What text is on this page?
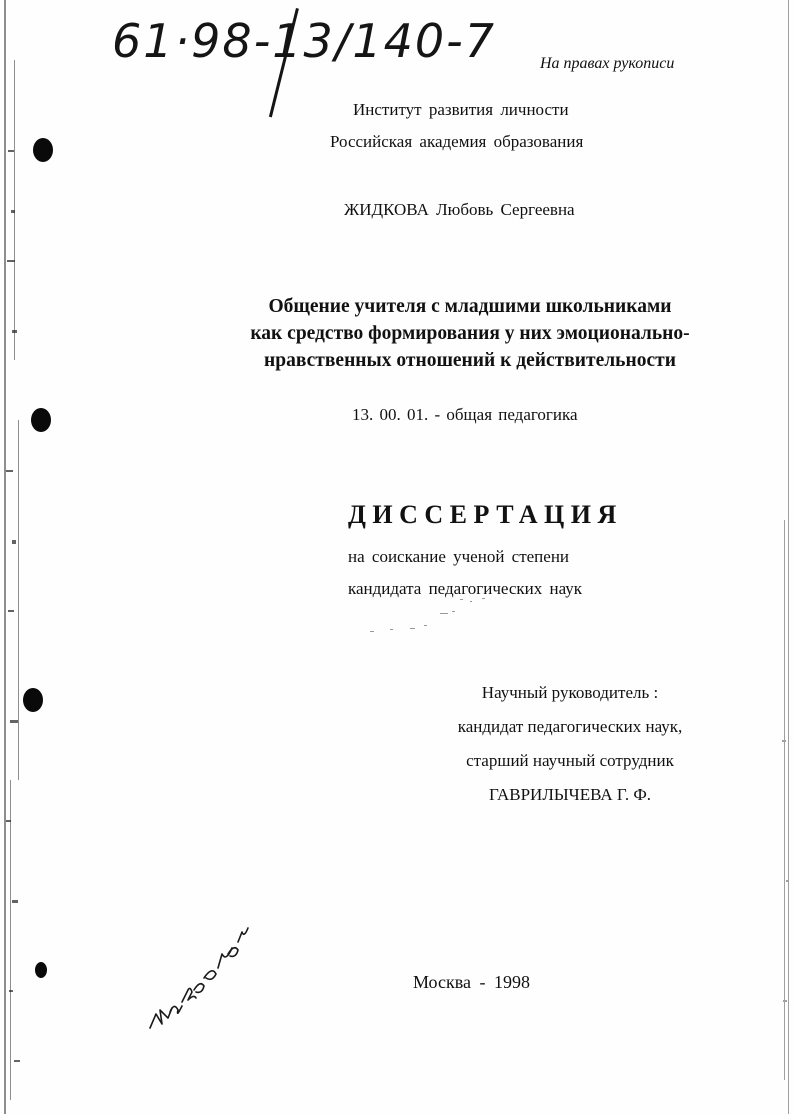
61·98-13/140-7	На правах рукописи
Институт развития личности
Российская академия образования
ЖИДКОВА Любовь Сергеевна
Общение учителя с младшими школьниками
как средство формирования у них эмоционально-
нравственных отношений к действительности
13. 00. 01. - общая педагогика
ДИССЕРТАЦИЯ
на соискание ученой степени
кандидата педагогических наук
Научный руководитель :
кандидат педагогических наук,
старший научный сотрудник
ГАВРИЛЫЧЕВА Г. Ф.
Москва - 1998
